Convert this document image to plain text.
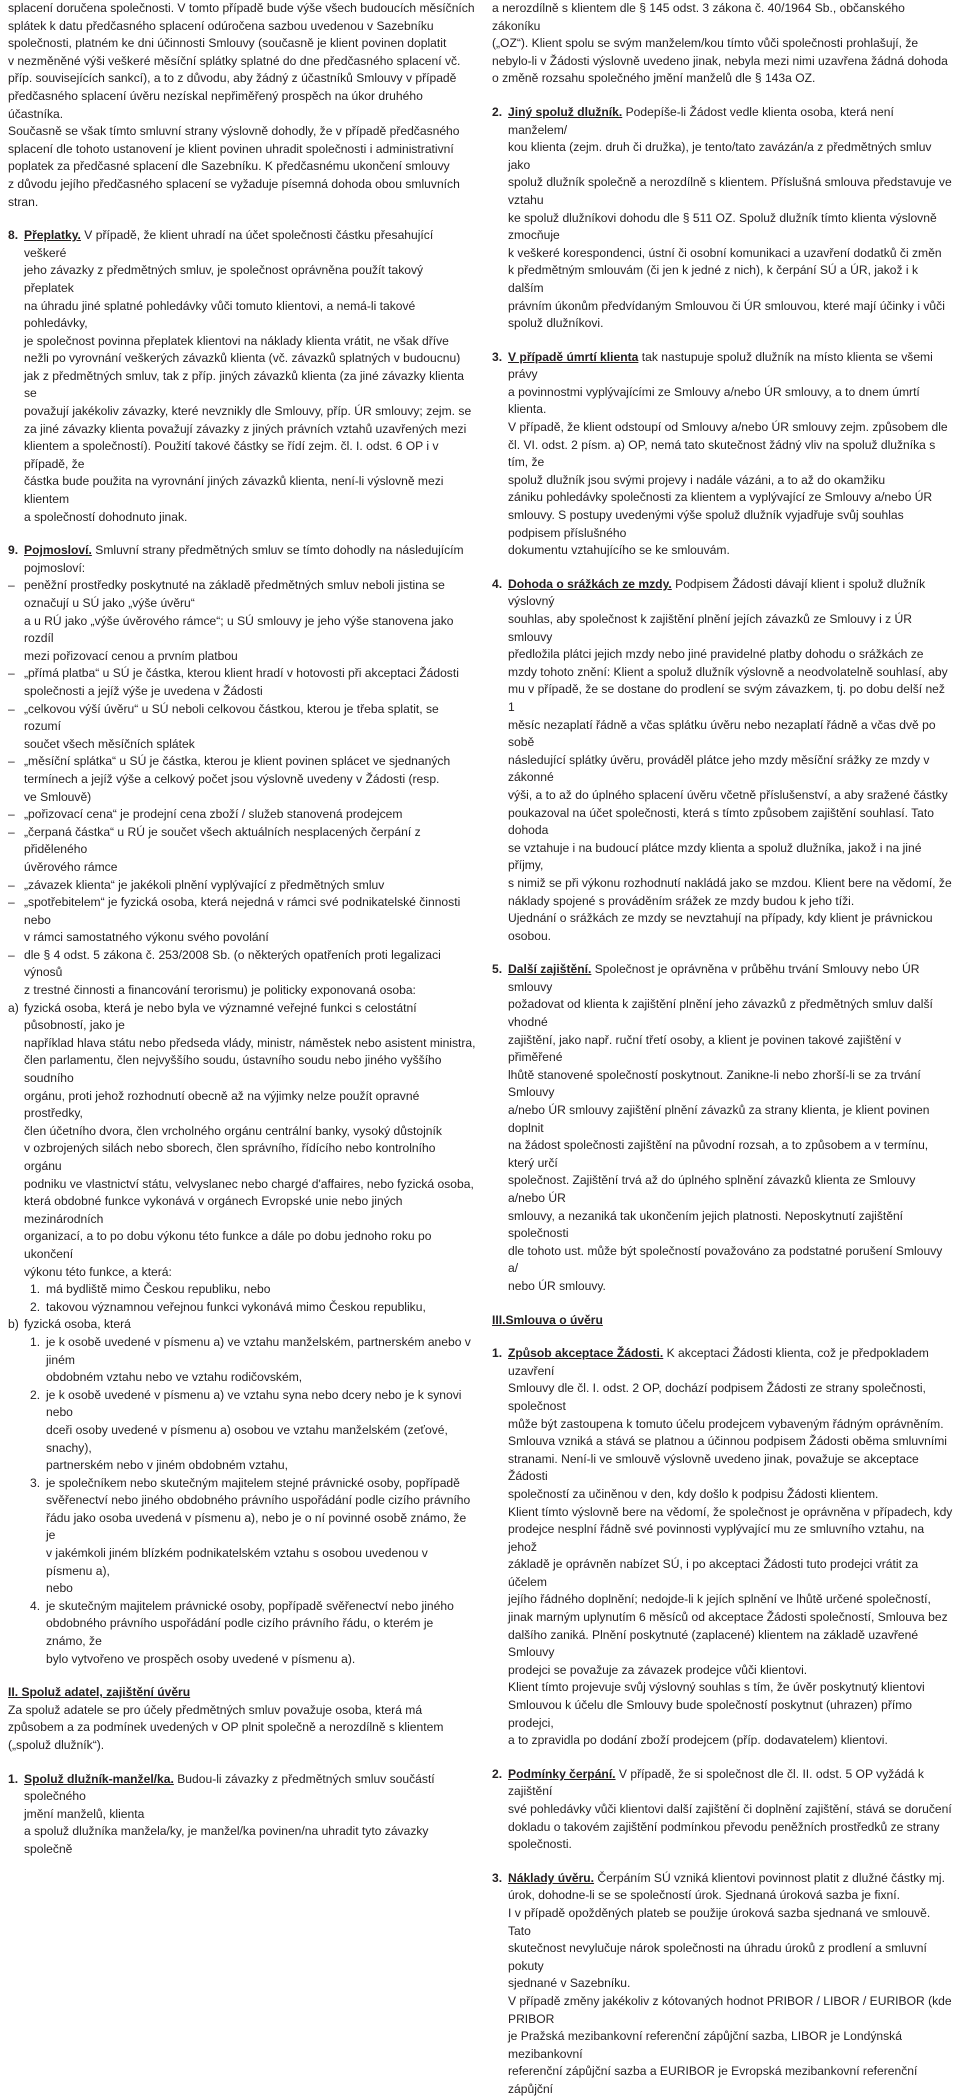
splacení doručena společnosti. V tomto případě bude výše všech budoucích měsíčních
splátek k datu předčasného splacení odúročena sazbou uvedenou v Sazebníku
společnosti, platném ke dni účinnosti Smlouvy (současně je klient povinen doplatit
v nezměněné výši veškeré měsíční splátky splatné do dne předčasného splacení vč.
příp. souvisejících sankcí), a to z důvodu, aby žádný z účastníků Smlouvy v případě
předčasného splacení úvěru nezískal nepřiměřený prospěch na úkor druhého účastníka.
Současně se však tímto smluvní strany výslovně dohodly, že v případě předčasného
splacení dle tohoto ustanovení je klient povinen uhradit společnosti i administrativní
poplatek za předčasné splacení dle Sazebníku. K předčasnému ukončení smlouvy
z důvodu jejího předčasného splacení se vyžaduje písemná dohoda obou smluvních
stran.
8. Přeplatky. V případě, že klient uhradí na účet společnosti částku přesahující veškeré
jeho závazky z předmětných smluv, je společnost oprávněna použít takový přeplatek
na úhradu jiné splatné pohledávky vůči tomuto klientovi, a nemá-li takové pohledávky,
je společnost povinna přeplatek klientovi na náklady klienta vrátit, ne však dříve
nežli po vyrovnání veškerých závazků klienta (vč. závazků splatných v budoucnu)
jak z předmětných smluv, tak z příp. jiných závazků klienta (za jiné závazky klienta se
považují jakékoliv závazky, které nevznikly dle Smlouvy, příp. ÚR smlouvy; zejm. se
za jiné závazky klienta považují závazky z jiných právních vztahů uzavřených mezi
klientem a společností). Použití takové částky se řídí zejm. čl. I. odst. 6 OP i v případě, že
částka bude použita na vyrovnání jiných závazků klienta, není-li výslovně mezi klientem
a společností dohodnuto jinak.

9. Pojmosloví. Smluvní strany předmětných smluv se tímto dohodly na následujícím
pojmosloví:

– peněžní prostředky poskytnuté na základě předmětných smluv neboli jistina se
označují u SÚ jako „výše úvěru“
a u RÚ jako „výše úvěrového rámce“; u SÚ smlouvy je jeho výše stanovena jako rozdíl
mezi pořizovací cenou a prvním platbou

– „přímá platba“ u SÚ je částka, kterou klient hradí v hotovosti při akceptaci Žádosti
společnosti a jejíž výše je uvedena v Žádosti

– „celkovou výší úvěru“ u SÚ neboli celkovou částkou, kterou je třeba splatit, se rozumí
součet všech měsíčních splátek

– „měsíční splátka“ u SÚ je částka, kterou je klient povinen splácet ve sjednaných
termínech a jejíž výše a celkový počet jsou výslovně uvedeny v Žádosti (resp.
ve Smlouvě)

– „pořizovací cena“ je prodejní cena zboží / služeb stanovená prodejcem

– „čerpaná částka“ u RÚ je součet všech aktuálních nesplacených čerpání z přiděleného
úvěrového rámce

– „závazek klienta“ je jakékoli plnění vyplývající z předmětných smluv

– „spotřebitelem“ je fyzická osoba, která nejedná v rámci své podnikatelské činnosti nebo
v rámci samostatného výkonu svého povolání

– dle § 4 odst. 5 zákona č. 253/2008 Sb. (o některých opatřeních proti legalizaci výnosů
z trestné činnosti a financování terorismu) je politicky exponovaná osoba:

a) fyzická osoba, která je nebo byla ve významné veřejné funkci s celostátní působností, jako je
například hlava státu nebo předseda vlády, ministr, náměstek nebo asistent ministra,
člen parlamentu, člen nejvyššího soudu, ústavního soudu nebo jiného vyššího soudního
orgánu, proti jehož rozhodnutí obecně až na výjimky nelze použít opravné prostředky,
člen účetního dvora, člen vrcholného orgánu centrální banky, vysoký důstojník
v ozbrojených silách nebo sborech, člen správního, řídícího nebo kontrolního orgánu
podniku ve vlastnictví státu, velvyslanec nebo chargé d'affaires, nebo fyzická osoba,
která obdobné funkce vykonává v orgánech Evropské unie nebo jiných mezinárodních
organizací, a to po dobu výkonu této funkce a dále po dobu jednoho roku po ukončení
výkonu této funkce, a která:

1. má bydliště mimo Českou republiku, nebo

2. takovou významnou veřejnou funkci vykonává mimo Českou republiku,

b) fyzická osoba, která

1. je k osobě uvedené v písmenu a) ve vztahu manželském, partnerském anebo v jiném
obdobném vztahu nebo ve vztahu rodičovském,

2. je k osobě uvedené v písmenu a) ve vztahu syna nebo dcery nebo je k synovi nebo
dceři osoby uvedené v písmenu a) osobou ve vztahu manželském (zeťové, snachy),
partnerském nebo v jiném obdobném vztahu,

3. je společníkem nebo skutečným majitelem stejné právnické osoby, popřípadě
svěřenectví nebo jiného obdobného právního uspořádání podle cizího právního
řádu jako osoba uvedená v písmenu a), nebo je o ní povinné osobě známo, že je
v jakémkoli jiném blízkém podnikatelském vztahu s osobou uvedenou v písmenu a),
nebo

4. je skutečným majitelem právnické osoby, popřípadě svěřenectví nebo jiného
obdobného právního uspořádání podle cizího právního řádu, o kterém je známo, že
bylo vytvořeno ve prospěch osoby uvedené v písmenu a).

II. Spoluž adatel, zajištění úvěru

Za spoluž adatele se pro účely předmětných smluv považuje osoba, která má
způsobem a za podmínek uvedených v OP plnit společně a nerozdílně s klientem
(„spoluž dlužník“).

1. Spoluž dlužník-manžel/ka. Budou-li závazky z předmětných smluv součástí společného
jmění manželů, klienta
a spoluž dlužníka manžela/ky, je manžel/ka povinen/na uhradit tyto závazky společně

a nerozdílně s klientem dle § 145 odst. 3 zákona č. 40/1964 Sb., občanského zákoníku
(„OZ“). Klient spolu se svým manželem/kou tímto vůči společnosti prohlašují, že
nebylo-li v Žádosti výslovně uvedeno jinak, nebyla mezi nimi uzavřena žádná dohoda
o změně rozsahu společného jmění manželů dle § 143a OZ.

2. Jiný spoluž dlužník. Podepíše-li Žádost vedle klienta osoba, která není manželem/
kou klienta (zejm. druh či družka), je tento/tato zavázán/a z předmětných smluv jako
spoluž dlužník společně a nerozdílně s klientem. Příslušná smlouva představuje ve vztahu
ke spoluž dlužníkovi dohodu dle § 511 OZ. Spoluž dlužník tímto klienta výslovně zmocňuje
k veškeré korespondenci, ústní či osobní komunikaci a uzavření dodatků či změn
k předmětným smlouvám (či jen k jedné z nich), k čerpání SÚ a ÚR, jakož i k dalším
právním úkonům předvídaným Smlouvou či ÚR smlouvou, které mají účinky i vůči
spoluž dlužníkovi.

3. V případě úmrtí klienta tak nastupuje spoluž dlužník na místo klienta se všemi právy
a povinnostmi vyplývajícími ze Smlouvy a/nebo ÚR smlouvy, a to dnem úmrtí klienta.
V případě, že klient odstoupí od Smlouvy a/nebo ÚR smlouvy zejm. způsobem dle
čl. VI. odst. 2 písm. a) OP, nemá tato skutečnost žádný vliv na spoluž dlužníka s tím, že
spoluž dlužník jsou svými projevy i nadále vázáni, a to až do okamžiku
zániku pohledávky společnosti za klientem a vyplývající ze Smlouvy a/nebo ÚR
smlouvy. S postupy uvedenými výše spoluž dlužník vyjadřuje svůj souhlas podpisem příslušného
dokumentu vztahujícího se ke smlouvám.

4. Dohoda o srážkách ze mzdy. Podpisem Žádosti dávají klient i spoluž dlužník výslovný
souhlas, aby společnost k zajištění plnění jejích závazků ze Smlouvy i z ÚR smlouvy
předložila plátci jejich mzdy nebo jiné pravidelné platby dohodu o srážkách ze
mzdy tohoto znění: Klient a spoluž dlužník výslovně a neodvolatelně souhlasí, aby
mu v případě, že se dostane do prodlení se svým závazkem, tj. po dobu delší než 1
měsíc nezaplatí řádně a včas splátku úvěru nebo nezaplatí řádně a včas dvě po sobě
následující splátky úvěru, prováděl plátce jeho mzdy měsíční srážky ze mzdy v zákonné
výši, a to až do úplného splacení úvěru včetně příslušenství, a aby sražené částky
poukazoval na účet společnosti, která s tímto způsobem zajištění souhlasí. Tato dohoda
se vztahuje i na budoucí plátce mzdy klienta a spoluž dlužníka, jakož i na jiné příjmy,
s nimiž se při výkonu rozhodnutí nakládá jako se mzdou. Klient bere na vědomí, že
náklady spojené s prováděním srážek ze mzdy budou k jeho tíži.
Ujednání o srážkách ze mzdy se nevztahují na případy, kdy klient je právnickou osobou.

5. Další zajištění. Společnost je oprávněna v průběhu trvání Smlouvy nebo ÚR smlouvy
požadovat od klienta k zajištění plnění jeho závazků z předmětných smluv další vhodné
zajištění, jako např. ruční třetí osoby, a klient je povinen takové zajištění v přiměřené
lhůtě stanovené společností poskytnout. Zanikne-li nebo zhorší-li se za trvání Smlouvy
a/nebo ÚR smlouvy zajištění plnění závazků za strany klienta, je klient povinen doplnit
na žádost společnosti zajištění na původní rozsah, a to způsobem a v termínu, který určí
společnost. Zajištění trvá až do úplného splnění závazků klienta ze Smlouvy a/nebo ÚR
smlouvy, a nezaniká tak ukončením jejich platnosti. Neposkytnutí zajištění společnosti
dle tohoto ust. může být společností považováno za podstatné porušení Smlouvy a/
nebo ÚR smlouvy.

III.Smlouva o úvěru

1. Způsob akceptace Žádosti. K akceptaci Žádosti klienta, což je předpokladem uzavření
Smlouvy dle čl. I. odst. 2 OP, dochází podpisem Žádosti ze strany společnosti, společnost
může být zastoupena k tomuto účelu prodejcem vybaveným řádným oprávněním.
Smlouva vzniká a stává se platnou a účinnou podpisem Žádosti oběma smluvními
stranami. Není-li ve smlouvě výslovně uvedeno jinak, považuje se akceptace Žádosti
společností za učiněnou v den, kdy došlo k podpisu Žádosti klientem.
Klient tímto výslovně bere na vědomí, že společnost je oprávněna v případech, kdy
prodejce nesplní řádně své povinnosti vyplývající mu ze smluvního vztahu, na jehož
základě je oprávněn nabízet SÚ, i po akceptaci Žádosti tuto prodejci vrátit za účelem
jejího řádného doplnění; nedojde-li k jejích splnění ve lhůtě určené společností,
jinak marným uplynutím 6 měsíců od akceptace Žádosti společností, Smlouva bez
dalšího zaniká. Plnění poskytnuté (zaplacené) klientem na základě uzavřené Smlouvy
prodejci se považuje za závazek prodejce vůči klientovi.
Klient tímto projevuje svůj výslovný souhlas s tím, že úvěr poskytnutý klientovi
Smlouvou k účelu dle Smlouvy bude společností poskytnut (uhrazen) přímo prodejci,
a to zpravidla po dodání zboží prodejcem (příp. dodavatelem) klientovi.

2. Podmínky čerpání. V případě, že si společnost dle čl. II. odst. 5 OP vyžádá k zajištění
své pohledávky vůči klientovi další zajištění či doplnění zajištění, stává se doručení
dokladu o takovém zajištění podmínkou převodu peněžních prostředků ze strany
společnosti.

3. Náklady úvěru. Čerpáním SÚ vzniká klientovi povinnost platit z dlužné částky mj.
úrok, dohodne-li se se společností úrok. Sjednaná úroková sazba je fixní.
I v případě opožděných plateb se použije úroková sazba sjednaná ve smlouvě. Tato
skutečnost nevylučuje nárok společnosti na úhradu úroků z prodlení a smluvní pokuty
sjednané v Sazebníku.
V případě změny jakékoliv z kótovaných hodnot PRIBOR / LIBOR / EURIBOR (kde PRIBOR
je Pražská mezibankovní referenční zápůjční sazba, LIBOR je Londýnská mezibankovní
referenční zápůjční sazba a EURIBOR je Evropská mezibankovní referenční zápůjční
